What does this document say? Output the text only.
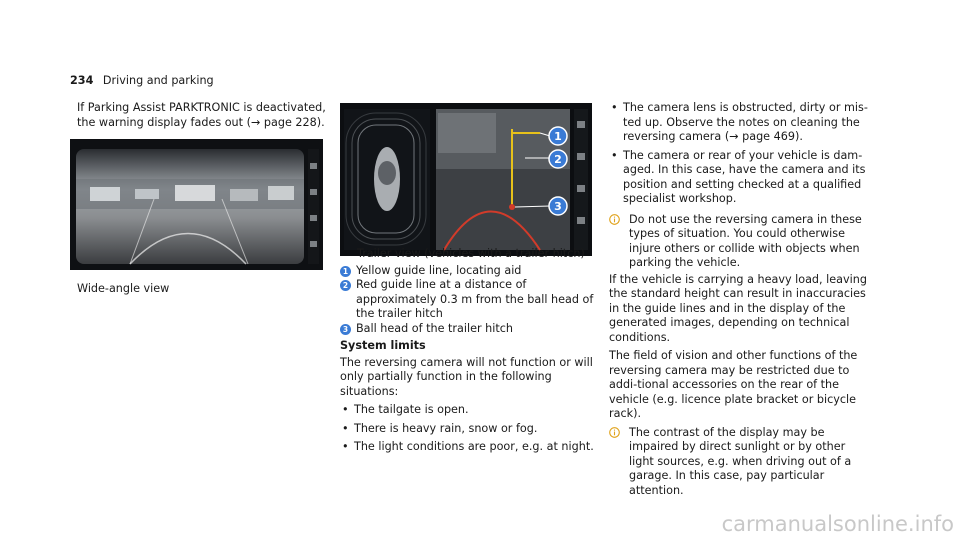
234 Driving and parking

If Parking Assist PARKTRONIC is deactivated, the warning display fades out (→ page 228).

Wide-angle view
1
2
3

Trailer view (vehicles with a trailer hitch)

1 Yellow guide line, locating aid
2 Red guide line at a distance of approximately 0.3 m from the ball head of the trailer hitch
3 Ball head of the trailer hitch

System limits

The reversing camera will not function or will only partially function in the following situations:

• The tailgate is open.
• There is heavy rain, snow or fog.
• The light conditions are poor, e.g. at night.
• The camera lens is obstructed, dirty or mis-ted up. Observe the notes on cleaning the reversing camera (→ page 469).
• The camera or rear of your vehicle is dam-aged. In this case, have the camera and its position and setting checked at a qualified specialist workshop.
Do not use the reversing camera in these types of situation. You could otherwise injure others or collide with objects when parking the vehicle.

If the vehicle is carrying a heavy load, leaving the standard height can result in inaccuracies in the guide lines and in the display of the generated images, depending on technical conditions.

The field of vision and other functions of the reversing camera may be restricted due to addi-tional accessories on the rear of the vehicle (e.g. licence plate bracket or bicycle rack).

The contrast of the display may be impaired by direct sunlight or by other light sources, e.g. when driving out of a garage. In this case, pay particular attention.
carmanualsonline.info
